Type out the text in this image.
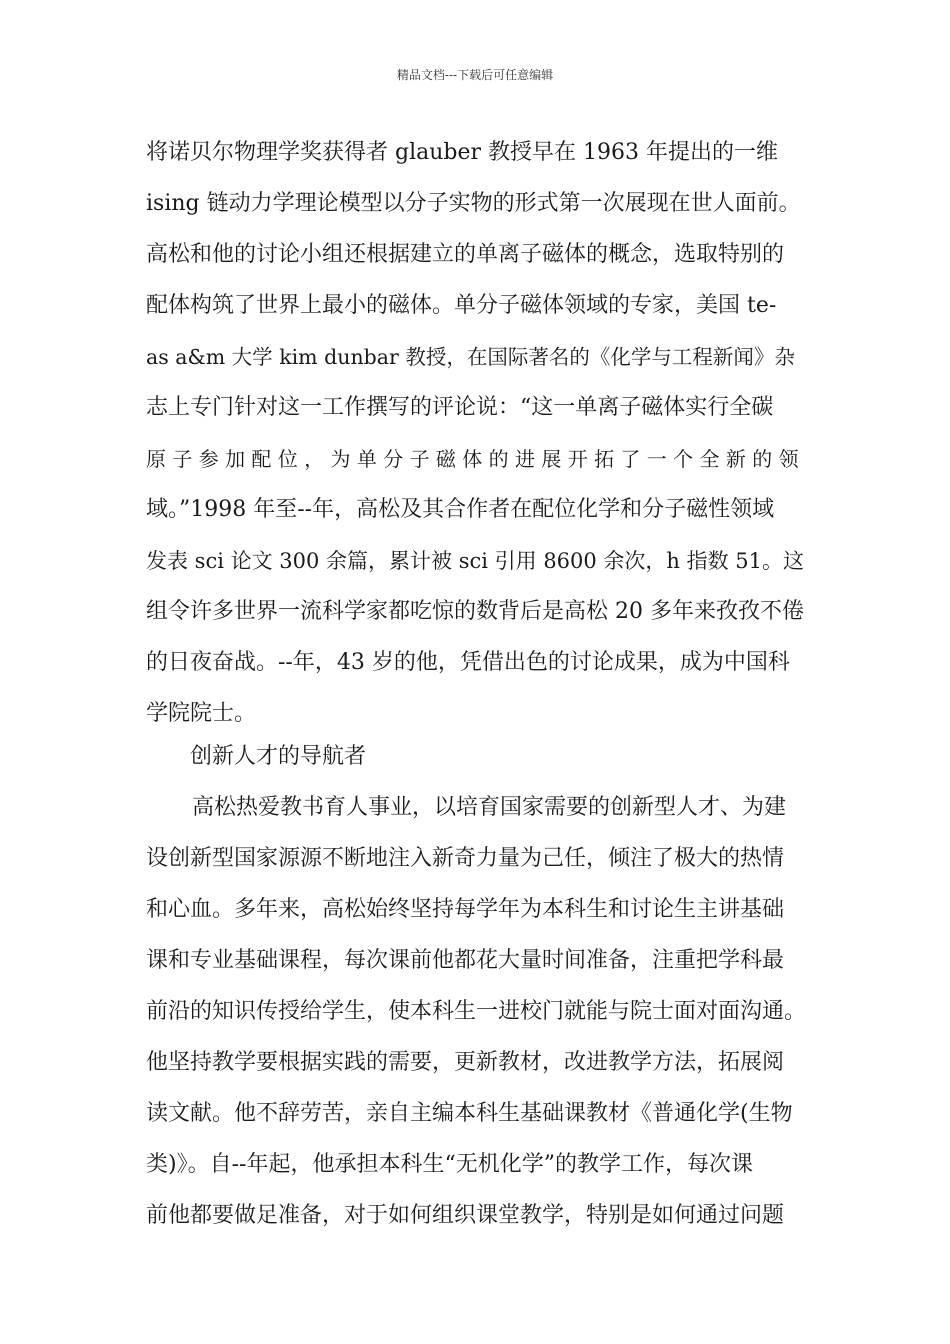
精品文档---下载后可任意编辑
将诺贝尔物理学奖获得者 glauber 教授早在 1963 年提出的一维
ising 链动力学理论模型以分子实物的形式第一次展现在世人面前。
高松和他的讨论小组还根据建立的单离子磁体的概念，选取特别的
配体构筑了世界上最小的磁体。单分子磁体领域的专家，美国 te-
as a&m 大学 kim dunbar 教授，在国际著名的《化学与工程新闻》杂
志上专门针对这一工作撰写的评论说：“这一单离子磁体实行全碳
原 子 参 加 配 位 ， 为 单 分 子 磁 体 的 进 展 开 拓 了 一 个 全 新 的 领
域。”1998 年至--年，高松及其合作者在配位化学和分子磁性领域
发表 sci 论文 300 余篇，累计被 sci 引用 8600 余次，h 指数 51。这
组令许多世界一流科学家都吃惊的数背后是高松 20 多年来孜孜不倦
的日夜奋战。--年，43 岁的他，凭借出色的讨论成果，成为中国科
学院院士。
创新人才的导航者
高松热爱教书育人事业，以培育国家需要的创新型人才、为建
设创新型国家源源不断地注入新奇力量为己任，倾注了极大的热情
和心血。多年来，高松始终坚持每学年为本科生和讨论生主讲基础
课和专业基础课程，每次课前他都花大量时间准备，注重把学科最
前沿的知识传授给学生，使本科生一进校门就能与院士面对面沟通。
他坚持教学要根据实践的需要，更新教材，改进教学方法，拓展阅
读文献。他不辞劳苦，亲自主编本科生基础课教材《普通化学(生物
类)》。自--年起，他承担本科生“无机化学”的教学工作，每次课
前他都要做足准备，对于如何组织课堂教学，特别是如何通过问题
